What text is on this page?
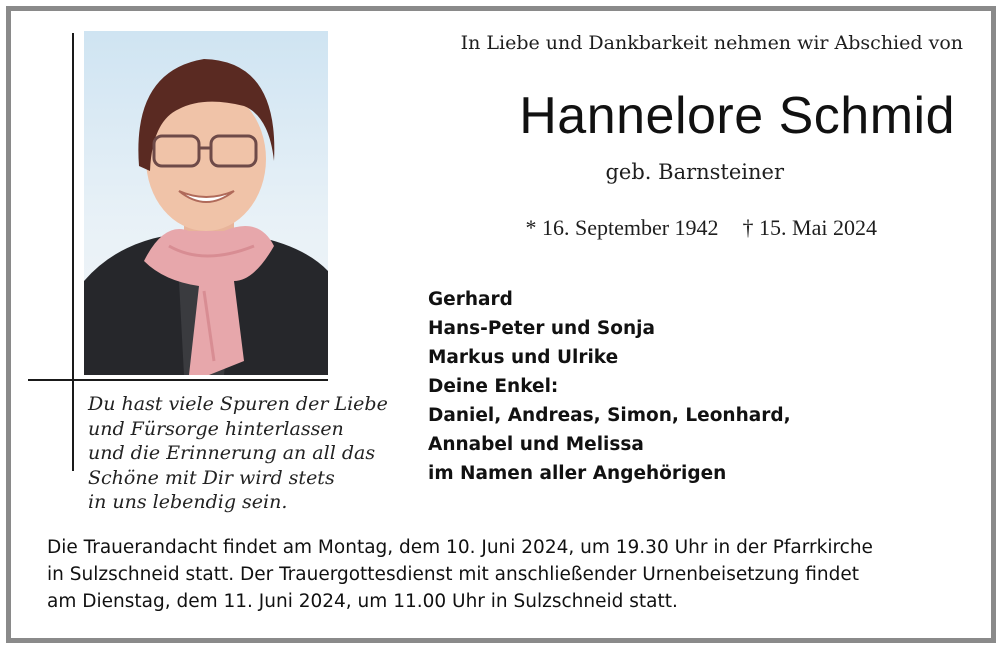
Du hast viele Spuren der Liebe
und Fürsorge hinterlassen
und die Erinnerung an all das
Schöne mit Dir wird stets
in uns lebendig sein.
In Liebe und Dankbarkeit nehmen wir Abschied von
Hannelore Schmid
geb. Barnsteiner
* 16. September 1942 † 15. Mai 2024
Gerhard
Hans-Peter und Sonja
Markus und Ulrike
Deine Enkel:
Daniel, Andreas, Simon, Leonhard,
Annabel und Melissa
im Namen aller Angehörigen
Die Trauerandacht findet am Montag, dem 10. Juni 2024, um 19.30 Uhr in der Pfarrkirche
in Sulzschneid statt. Der Trauergottesdienst mit anschließender Urnenbeisetzung findet
am Dienstag, dem 11. Juni 2024, um 11.00 Uhr in Sulzschneid statt.
